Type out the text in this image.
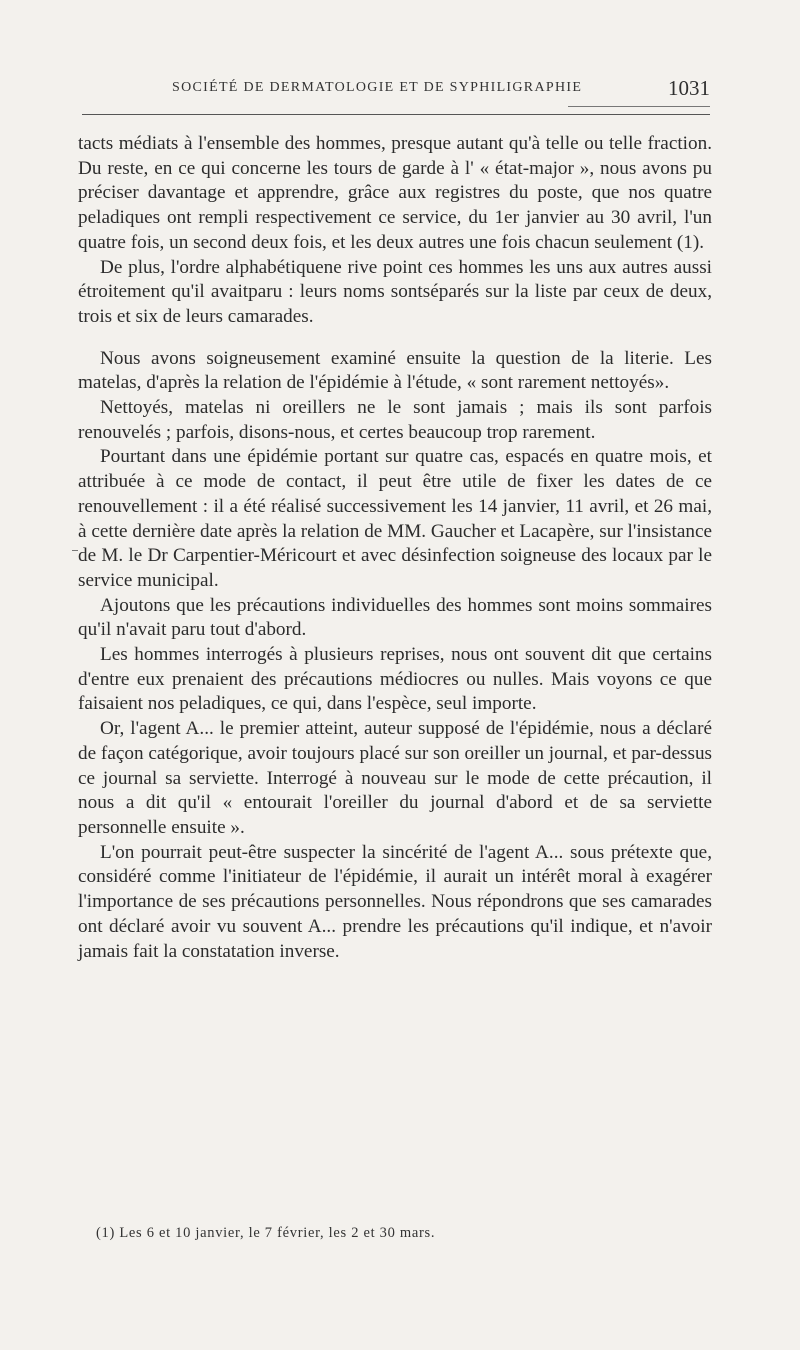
SOCIÉTÉ DE DERMATOLOGIE ET DE SYPHILIGRAPHIE	1031

tacts médiats à l'ensemble des hommes, presque autant qu'à telle ou telle fraction. Du reste, en ce qui concerne les tours de garde à l' « état-major », nous avons pu préciser davantage et apprendre, grâce aux registres du poste, que nos quatre peladiques ont rempli respectivement ce service, du 1er janvier au 30 avril, l'un quatre fois, un second deux fois, et les deux autres une fois chacun seulement (1).

De plus, l'ordre alphabétiquene rive point ces hommes les uns aux autres aussi étroitement qu'il avaitparu : leurs noms sontséparés sur la liste par ceux de deux, trois et six de leurs camarades.

Nous avons soigneusement examiné ensuite la question de la literie. Les matelas, d'après la relation de l'épidémie à l'étude, « sont rarement nettoyés».

Nettoyés, matelas ni oreillers ne le sont jamais ; mais ils sont parfois renouvelés ; parfois, disons-nous, et certes beaucoup trop rarement.

Pourtant dans une épidémie portant sur quatre cas, espacés en quatre mois, et attribuée à ce mode de contact, il peut être utile de fixer les dates de ce renouvellement : il a été réalisé successivement les 14 janvier, 11 avril, et 26 mai, à cette dernière date après la relation de MM. Gaucher et Lacapère, sur l'insistance de M. le Dr Carpentier-Méricourt et avec désinfection soigneuse des locaux par le service municipal.

Ajoutons que les précautions individuelles des hommes sont moins sommaires qu'il n'avait paru tout d'abord.

Les hommes interrogés à plusieurs reprises, nous ont souvent dit que certains d'entre eux prenaient des précautions médiocres ou nulles. Mais voyons ce que faisaient nos peladiques, ce qui, dans l'espèce, seul importe.

Or, l'agent A... le premier atteint, auteur supposé de l'épidémie, nous a déclaré de façon catégorique, avoir toujours placé sur son oreiller un journal, et par-dessus ce journal sa serviette. Interrogé à nouveau sur le mode de cette précaution, il nous a dit qu'il « entourait l'oreiller du journal d'abord et de sa serviette personnelle ensuite ».

L'on pourrait peut-être suspecter la sincérité de l'agent A... sous prétexte que, considéré comme l'initiateur de l'épidémie, il aurait un intérêt moral à exagérer l'importance de ses précautions personnelles. Nous répondrons que ses camarades ont déclaré avoir vu souvent A... prendre les précautions qu'il indique, et n'avoir jamais fait la constatation inverse.

(1) Les 6 et 10 janvier, le 7 février, les 2 et 30 mars.
